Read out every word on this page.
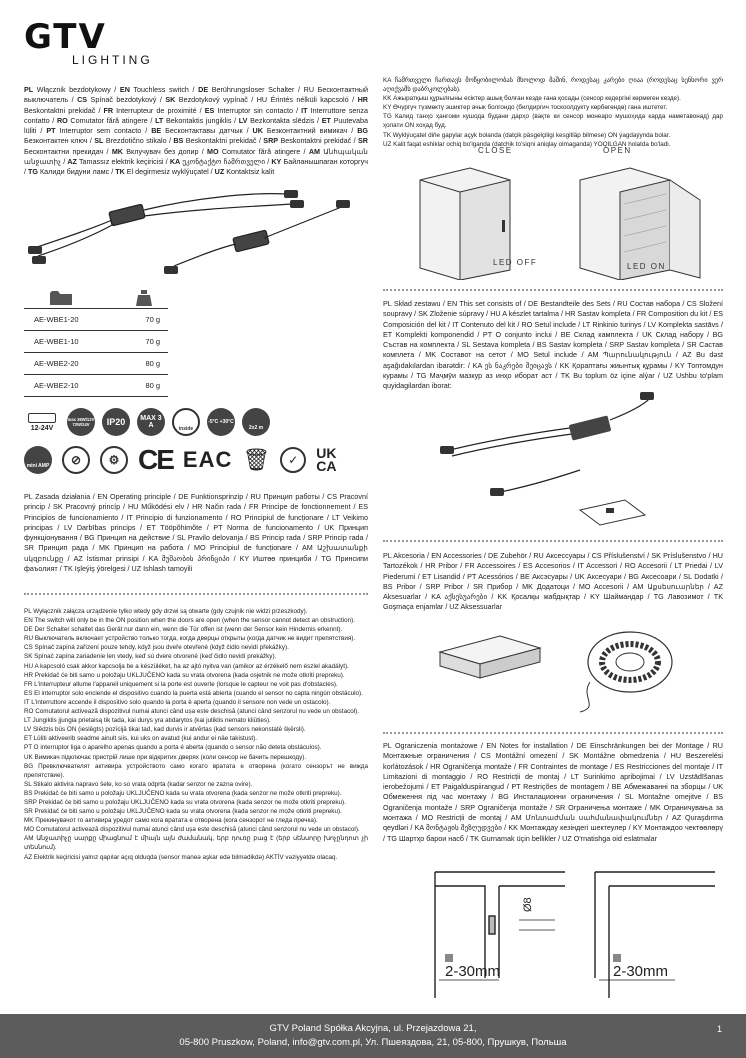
GTV
LIGHTING

PL Włącznik bezdotykowy / EN Touchless switch / DE Berührungsloser Schalter / RU Бесконтактный выключатель / CS Spínač bezdotykový / SK Bezdotykový vypínač / HU Érintés nélküli kapcsoló / HR Beskontaktni prekidač / FR Interrupteur de proximité / ES Interruptor sin contacto / IT Interruttore senza contatto / RO Comutator fără atingere / LT Bekontaktis jungiklis / LV Bezkontakta slēdzis / ET Puutevaba lüliti / PT Interruptor sem contacto / BE Бесконтактавы датчык / UK Безконтактний вимикач / BG Безконтактен ключ / SL Brezdotično stikalo / BS Beskontaktni prekidač / SRP Beskontaktni prekidač / SR Бесконтактни прекидач / MK Вклучувач без допир / MO Comutator fără atingere / AM Անհպական անջատիչ / AZ Tamassız elektrik keçiricisi / KA უკონტაქტო ჩამრთველი / KY Байланышпаган которгуч / TG Калиди бидуни ламс / TK El degirmesiz wyklýuçatel / UZ Kontaktsiz kalit

AE-WBE1-20	70 g
AE-WBE1-10	70 g
AE-WBE2-20	80 g
AE-WBE2-10	80 g
12-24V
max 36W/12V 72W/24V	IP20	MAX 3 A	inside
-5°C +30°C
2x2 m
mini AMP	⊘	⚙ CE EAC 🗑	✓	UK CA

PL Zasada działania / EN Operating principle / DE Funktionsprinzip / RU Принцип работы / CS Pracovní princip / SK Pracovný princíp / HU Működési elv / HR Način rada / FR Principe de fonctionnement / ES Principios de funcionamiento / IT Principio di funzionamento / RO Principiul de funcționare / LT Veikimo principas / LV Darbības princips / ET Tööpõhimõte / PT Norma de funcionamento / UK Принцип функціонування / BG Принцип на действие / SL Pravilo delovanja / BS Princip rada / SRP Princip rada / SR Принцип рада / MK Принцип на работа / MO Principiul de funcționare / AM Աշխատանքի սկզբունքը / AZ İstismar prinsipi / KA მუშაობის პრინციპი / KY Иштөө принциби / TG Принсипи фаъолият / TK Işleýiş ýörelgesi / UZ Ishlash tamoyili

PL Wyłącznik załącza urządzenie tylko wtedy gdy drzwi są otwarte (gdy czujnik nie widzi przeszkody).

EN The switch will only be in the ON position when the doors are open (when the sensor cannot detect an obstruction).

DE Der Schalter schaltet das Gerät nur dann ein, wenn die Tür offen ist (wenn der Sensor kein Hindernis erkennt).

RU Выключатель включает устройство только тогда, когда дверцы открыты (когда датчик не видит препятствия).

CS Spínač zapíná zařízení pouze tehdy, když jsou dveře otevřené (když čidlo nevidí překážky).

SK Spínač zapína zariadenie len vtedy, keď sú dvere otvorené (keď čidlo nevidí prekážky).

HU A kapcsoló csak akkor kapcsolja be a készüléket, ha az ajtó nyitva van (amikor az érzékelő nem észlel akadályt).

HR Prekidač će biti samo u položaju UKLJUČENO kada su vrata otvorena (kada osjetnik ne može otkriti prepreku).

FR L'interrupteur allume l'appareil uniquement si la porte est ouverte (lorsque le capteur ne voit pas d'obstacles).

ES El interruptor solo enciende el dispositivo cuando la puerta está abierta (cuando el sensor no capta ningún obstáculo).

IT L'interruttore accende il dispositivo solo quando la porta è aperta (quando il sensore non vede un ostacolo).

RO Comutatorul activează dispozitivul numai atunci când ușa este deschisă (atunci când senzorul nu vede un obstacol).

LT Jungiklis įjungia prietaisą tik tada, kai durys yra atidarytos (kai jutiklis nemato kliūties).

LV Slēdzis būs ON (ieslēgts) pozīcijā tikai tad, kad durvis ir atvērtas (kad sensors nekonstatē šķērsli).

ET Lüliti aktiveerib seadme ainult siis, kui uks on avatud (kui andur ei näe takistust).

PT O interruptor liga o aparelho apenas quando a porta é aberta (quando o sensor não deteta obstáculos).

UK Вимикач підключає пристрій лише при відкритих дверях (коли сенсор не бачить перешкоду).

BG Превключвателят активира устройството само когато вратата е отворена (когато сензорът не вижда препятствие).

SL Stikalo aktivira napravo šele, ko so vrata odprta (kadar senzor ne zazna ovire).

BS Prekidač će biti samo u položaju UKLJUČENO kada su vrata otvorena (kada senzor ne može otkriti prepreku).

SRP Prekidač će biti samo u položaju UKLJUČENO kada su vrata otvorena (kada senzor ne može otkriti prepreku).

SR Prekidač će biti samo u položaju UKLJUČENO kada su vrata otvorena (kada senzor ne može otkriti prepreku).

MK Прекинувачот го активира уредот само кога вратата е отворена (кога сензорот не гледа пречка).

MO Comutatorul activează dispozitivul numai atunci când ușa este deschisă (atunci când senzorul nu vede un obstacol).

AM Անջատիչը սարքը միացնում է միայն այն ժամանակ, երբ դուռը բաց է (երբ սենսորը խոչընդոտ չի տեսնում).

AZ Elektrik keçiricisi yalnız qapılar açıq olduqda (sensor maneə aşkar edə bilmədikdə) AKTİV vəziyyətdə olacaq.

KA ჩამრთველი ჩართავს მოწყობილობას მხოლოდ მაშინ, როდესაც კარები ღიაა (როდესაც სენსორი ვერ აღიქვამს დაბრკოლებას).

KK Ажыратқыш құрылғыны есіктер ашық болған кезде ғана қосады (сенсор кедергіні көрмеген кезде).

KY Өчүргүч түзмөктү эшиктер ачык болгондо (билдиргич тоскоолдукту көрбөгөндө) гана иштетет.

TG Калид танҳо ҳангоми кушода будани дарҳо (вақте ки сенсор монеаро мушоҳида карда наметавонад) дар ҳолати ON хоҳад буд.

TK Wyklýuçatel diňe gapylar açyk bolanda (datçik päsgelçiligi kesgitläp bilmese) ON ýagdaýynda bolar.

UZ Kalit faqat eshiklar ochiq bo'lganda (datchik to'siqni aniqlay olmaganda) YOQILGAN holatda bo'ladi.

CLOSE
LED OFF
OPEN
LED ON

PL Skład zestawu / EN This set consists of / DE Bestandteile des Sets / RU Состав набора / CS Složení soupravy / SK Zloženie súpravy / HU A készlet tartalma / HR Sastav kompleta / FR Composition du kit / ES Composición del kit / IT Contenuto del kit / RO Setul include / LT Rinkinio turinys / LV Komplekta sastāvs / ET Komplekti komponendid / PT O conjunto inclui / BE Склад камплекта / UK Склад набору / BG Състав на комплекта / SL Sestava kompleta / BS Sastav kompleta / SRP Sastav kompleta / SR Састав комплета / MK Составот на сетот / MO Setul include / AM Պարունակություն / AZ Bu dəst aşağıdakılardan ibarətdir: / KA ეს ნაკრები შეიცავს / KK Қораптағы жиынтық құрамы / KY Топтомдун курамы / TG Маҷмӯи мазкур аз инҳо иборат аст / TK Bu toplum öz içine alýar / UZ Ushbu to'plam quyidagilardan iborat:

PL Akcesoria / EN Accessories / DE Zubehör / RU Аксессуары / CS Příslušenství / SK Príslušenstvo / HU Tartozékok / HR Pribor / FR Accessoires / ES Accesorios / IT Accessori / RO Accesorii / LT Priedai / LV Piederumi / ET Lisandid / PT Acessórios / BE Аксэсуары / UK Аксесуари / BG Аксесоари / SL Dodatki / BS Pribor / SRP Pribor / SR Прибор / MK Додатоци / MO Accesorii / AM Աքսեսուարներ / AZ Aksesuarlar / KA აქსესუარები / KK Қосалқы жабдықтар / KY Шаймандар / TG Лавозимот / TK Goşmaça enjamlar / UZ Aksessuarlar

PL Ograniczenia montażowe / EN Notes for installation / DE Einschränkungen bei der Montage / RU Монтажные ограничения / CS Montážní omezení / SK Montážne obmedzenia / HU Beszerelési korlátozások / HR Ograničenja montaže / FR Contraintes de montage / ES Restricciones del montaje / IT Limitazioni di montaggio / RO Restricții de montaj / LT Surinkimo apribojimai / LV Uzstādīšanas ierobežojumi / ET Paigalduspiirangud / PT Restrições de montagem / BE Абмежаванні па зборцы / UK Обмеження під час монтажу / BG Инсталационни ограничения / SL Montažne omejitve / BS Ograničenja montaže / SRP Ograničenja montaže / SR Ограничења монтаже / MK Ограничувања за монтажа / MO Restricții de montaj / AM Մոնտաժման սահմանափակումներ / AZ Quraşdırma qeydləri / KA მონტაჟის შეზღუდვები / KK Монтаждау кезіндегі шектеулер / KY Монтаждоо чектөөлөрү / TG Шартҳо барои насб / TK Gurnamak üçin bellikler / UZ O'rnatishga oid eslatmalar

Ø8
2-30mm	2-30mm
GTV Poland Spółka Akcyjna, ul. Przejazdowa 21,
05-800 Pruszkow, Poland, info@gtv.com.pl, Ул. Пшеяздова, 21, 05-800, Прушкув, Польша
1
